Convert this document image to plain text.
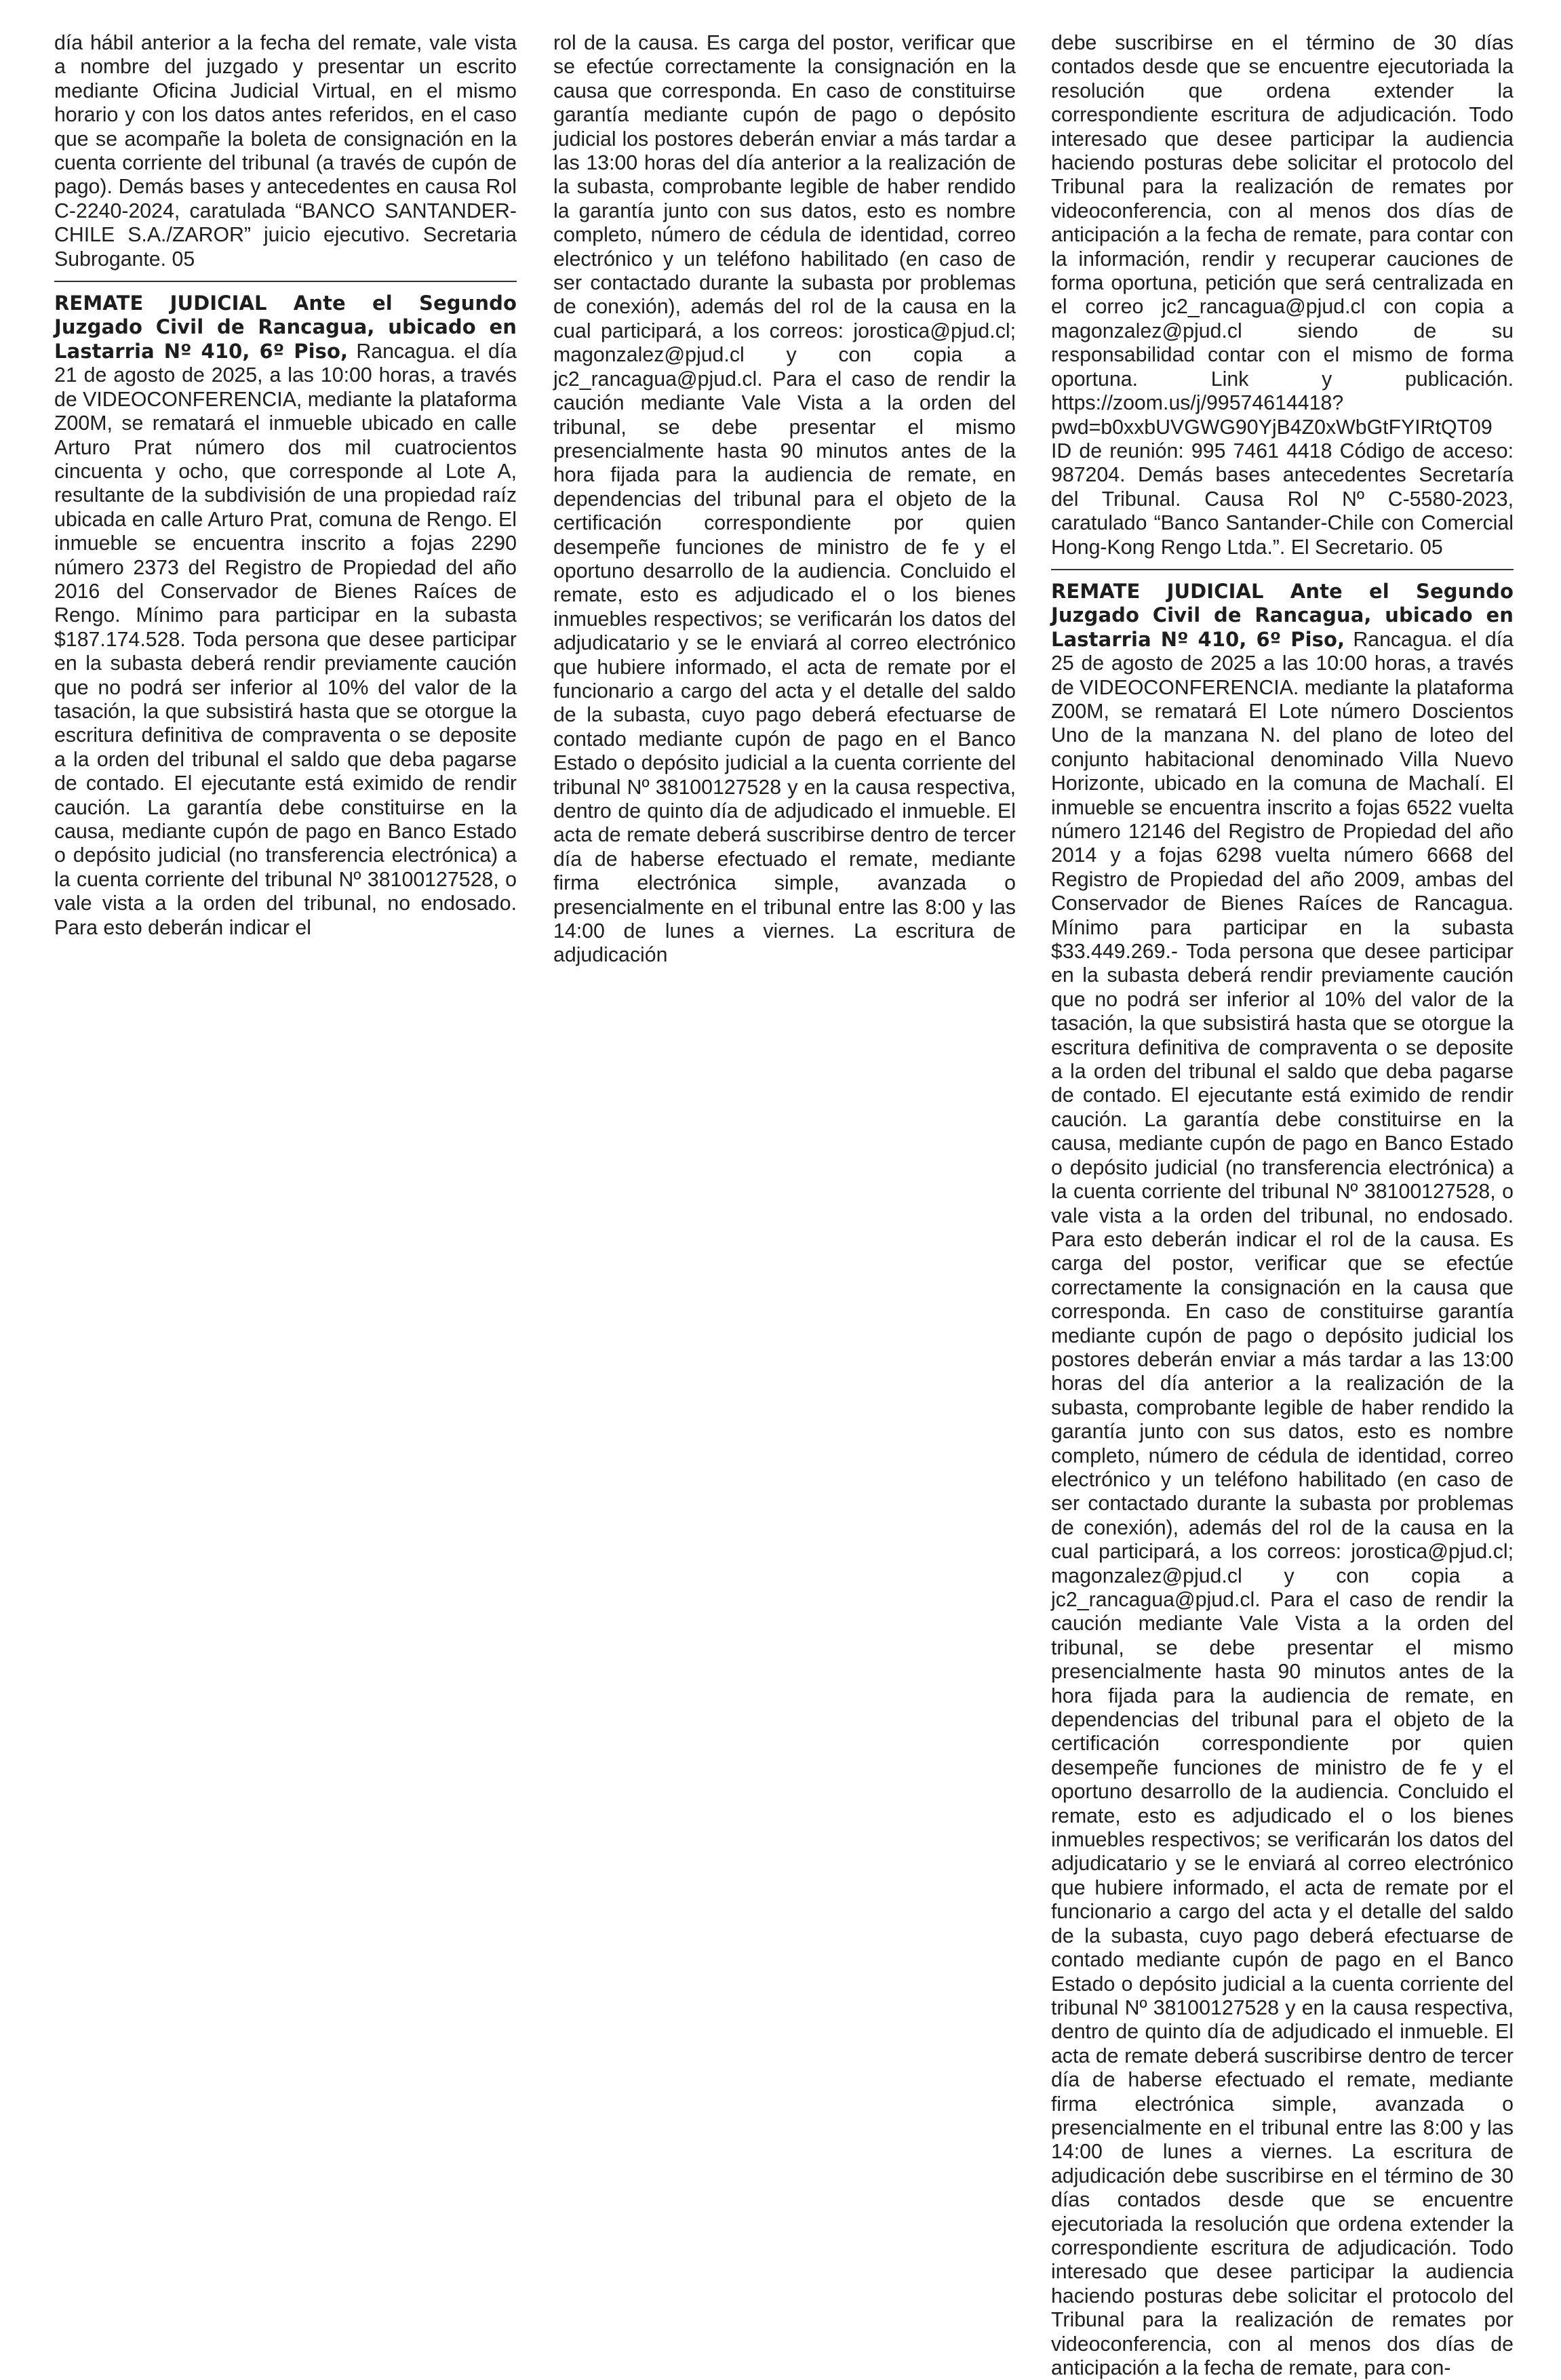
día hábil anterior a la fecha del remate, vale vista a nombre del juzgado y presentar un escrito mediante Oficina Judicial Virtual, en el mismo horario y con los datos antes referidos, en el caso que se acompañe la boleta de consignación en la cuenta corriente del tribunal (a través de cupón de pago). Demás bases y antecedentes en causa Rol C-2240-2024, caratulada “BANCO SANTANDER-CHILE S.A./ZAROR” juicio ejecutivo. Secretaria Subrogante. 05

REMATE JUDICIAL Ante el Segundo Juzgado Civil de Rancagua, ubicado en Lastarria Nº 410, 6º Piso, Rancagua. el día 21 de agosto de 2025, a las 10:00 horas, a través de VIDEOCONFERENCIA, mediante la plataforma Z00M, se rematará el inmueble ubicado en calle Arturo Prat número dos mil cuatrocientos cincuenta y ocho, que corresponde al Lote A, resultante de la subdivisión de una propiedad raíz ubicada en calle Arturo Prat, comuna de Rengo. El inmueble se encuentra inscrito a fojas 2290 número 2373 del Registro de Propiedad del año 2016 del Conservador de Bienes Raíces de Rengo. Mínimo para participar en la subasta $187.174.528. Toda persona que desee participar en la subasta deberá rendir previamente caución que no podrá ser inferior al 10% del valor de la tasación, la que subsistirá hasta que se otorgue la escritura definitiva de compraventa o se deposite a la orden del tribunal el saldo que deba pagarse de contado. El ejecutante está eximido de rendir caución. La garantía debe constituirse en la causa, mediante cupón de pago en Banco Estado o depósito judicial (no transferencia electrónica) a la cuenta corriente del tribunal Nº 38100127528, o vale vista a la orden del tribunal, no endosado. Para esto deberán indicar el

rol de la causa. Es carga del postor, verificar que se efectúe correctamente la consignación en la causa que corresponda. En caso de constituirse garantía mediante cupón de pago o depósito judicial los postores deberán enviar a más tardar a las 13:00 horas del día anterior a la realización de la subasta, comprobante legible de haber rendido la garantía junto con sus datos, esto es nombre completo, número de cédula de identidad, correo electrónico y un teléfono habilitado (en caso de ser contactado durante la subasta por problemas de conexión), además del rol de la causa en la cual participará, a los correos: jorostica@pjud.cl; magonzalez@pjud.cl y con copia a jc2_rancagua@pjud.cl. Para el caso de rendir la caución mediante Vale Vista a la orden del tribunal, se debe presentar el mismo presencialmente hasta 90 minutos antes de la hora fijada para la audiencia de remate, en dependencias del tribunal para el objeto de la certificación correspondiente por quien desempeñe funciones de ministro de fe y el oportuno desarrollo de la audiencia. Concluido el remate, esto es adjudicado el o los bienes inmuebles respectivos; se verificarán los datos del adjudicatario y se le enviará al correo electrónico que hubiere informado, el acta de remate por el funcionario a cargo del acta y el detalle del saldo de la subasta, cuyo pago deberá efectuarse de contado mediante cupón de pago en el Banco Estado o depósito judicial a la cuenta corriente del tribunal Nº 38100127528 y en la causa respectiva, dentro de quinto día de adjudicado el inmueble. El acta de remate deberá suscribirse dentro de tercer día de haberse efectuado el remate, mediante firma electrónica simple, avanzada o presencialmente en el tribunal entre las 8:00 y las 14:00 de lunes a viernes. La escritura de adjudicación

debe suscribirse en el término de 30 días contados desde que se encuentre ejecutoriada la resolución que ordena extender la correspondiente escritura de adjudicación. Todo interesado que desee participar la audiencia haciendo posturas debe solicitar el protocolo del Tribunal para la realización de remates por videoconferencia, con al menos dos días de anticipación a la fecha de remate, para contar con la información, rendir y recuperar cauciones de forma oportuna, petición que será centralizada en el correo jc2_rancagua@pjud.cl con copia a magonzalez@pjud.cl siendo de su responsabilidad contar con el mismo de forma oportuna. Link y publicación. https://zoom.us/j/99574614418?pwd=b0xxbUVGWG90YjB4Z0xWbGtFYIRtQT09 ID de reunión: 995 7461 4418 Código de acceso: 987204. Demás bases antecedentes Secretaría del Tribunal. Causa Rol Nº C-5580-2023, caratulado “Banco Santander-Chile con Comercial Hong-Kong Rengo Ltda.”. El Secretario. 05

REMATE JUDICIAL Ante el Segundo Juzgado Civil de Rancagua, ubicado en Lastarria Nº 410, 6º Piso, Rancagua. el día 25 de agosto de 2025 a las 10:00 horas, a través de VIDEOCONFERENCIA. mediante la plataforma Z00M, se rematará El Lote número Doscientos Uno de la manzana N. del plano de loteo del conjunto habitacional denominado Villa Nuevo Horizonte, ubicado en la comuna de Machalí. El inmueble se encuentra inscrito a fojas 6522 vuelta número 12146 del Registro de Propiedad del año 2014 y a fojas 6298 vuelta número 6668 del Registro de Propiedad del año 2009, ambas del Conservador de Bienes Raíces de Rancagua. Mínimo para participar en la subasta $33.449.269.- Toda persona que desee participar en la subasta deberá rendir previamente caución que no podrá ser inferior al 10% del valor de la tasación, la que subsistirá hasta que se otorgue la escritura definitiva de compraventa o se deposite a la orden del tribunal el saldo que deba pagarse de contado. El ejecutante está eximido de rendir caución. La garantía debe constituirse en la causa, mediante cupón de pago en Banco Estado o depósito judicial (no transferencia electrónica) a la cuenta corriente del tribunal Nº 38100127528, o vale vista a la orden del tribunal, no endosado. Para esto deberán indicar el rol de la causa. Es carga del postor, verificar que se efectúe correctamente la consignación en la causa que corresponda. En caso de constituirse garantía mediante cupón de pago o depósito judicial los postores deberán enviar a más tardar a las 13:00 horas del día anterior a la realización de la subasta, comprobante legible de haber rendido la garantía junto con sus datos, esto es nombre completo, número de cédula de identidad, correo electrónico y un teléfono habilitado (en caso de ser contactado durante la subasta por problemas de conexión), además del rol de la causa en la cual participará, a los correos: jorostica@pjud.cl; magonzalez@pjud.cl y con copia a jc2_rancagua@pjud.cl. Para el caso de rendir la caución mediante Vale Vista a la orden del tribunal, se debe presentar el mismo presencialmente hasta 90 minutos antes de la hora fijada para la audiencia de remate, en dependencias del tribunal para el objeto de la certificación correspondiente por quien desempeñe funciones de ministro de fe y el oportuno desarrollo de la audiencia. Concluido el remate, esto es adjudicado el o los bienes inmuebles respectivos; se verificarán los datos del adjudicatario y se le enviará al correo electrónico que hubiere informado, el acta de remate por el funcionario a cargo del acta y el detalle del saldo de la subasta, cuyo pago deberá efectuarse de contado mediante cupón de pago en el Banco Estado o depósito judicial a la cuenta corriente del tribunal Nº 38100127528 y en la causa respectiva, dentro de quinto día de adjudicado el inmueble. El acta de remate deberá suscribirse dentro de tercer día de haberse efectuado el remate, mediante firma electrónica simple, avanzada o presencialmente en el tribunal entre las 8:00 y las 14:00 de lunes a viernes. La escritura de adjudicación debe suscribirse en el término de 30 días contados desde que se encuentre ejecutoriada la resolución que ordena extender la correspondiente escritura de adjudicación. Todo interesado que desee participar la audiencia haciendo posturas debe solicitar el protocolo del Tribunal para la realización de remates por videoconferencia, con al menos dos días de anticipación a la fecha de remate, para con-
